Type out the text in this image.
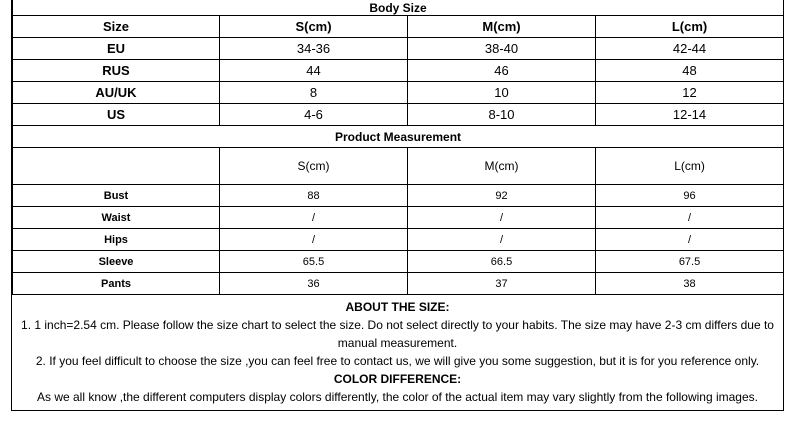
Body Size			
Size	S(cm)	M(cm)	L(cm)
EU	34-36	38-40	42-44
RUS	44	46	48
AU/UK	8	10	12
US	4-6	8-10	12-14
Product Measurement			
	S(cm)	M(cm)	L(cm)
Bust	88	92	96
Waist	/	/	/
Hips	/	/	/
Sleeve	65.5	66.5	67.5
Pants	36	37	38

ABOUT THE SIZE:

1. 1 inch=2.54 cm. Please follow the size chart to select the size. Do not select directly to your habits. The size may have 2-3 cm differs due to manual measurement.

2. If you feel difficult to choose the size ,you can feel free to contact us, we will give you some suggestion, but it is for you reference only.

COLOR DIFFERENCE:

As we all know ,the different computers display colors differently, the color of the actual item may vary slightly from the following images.
